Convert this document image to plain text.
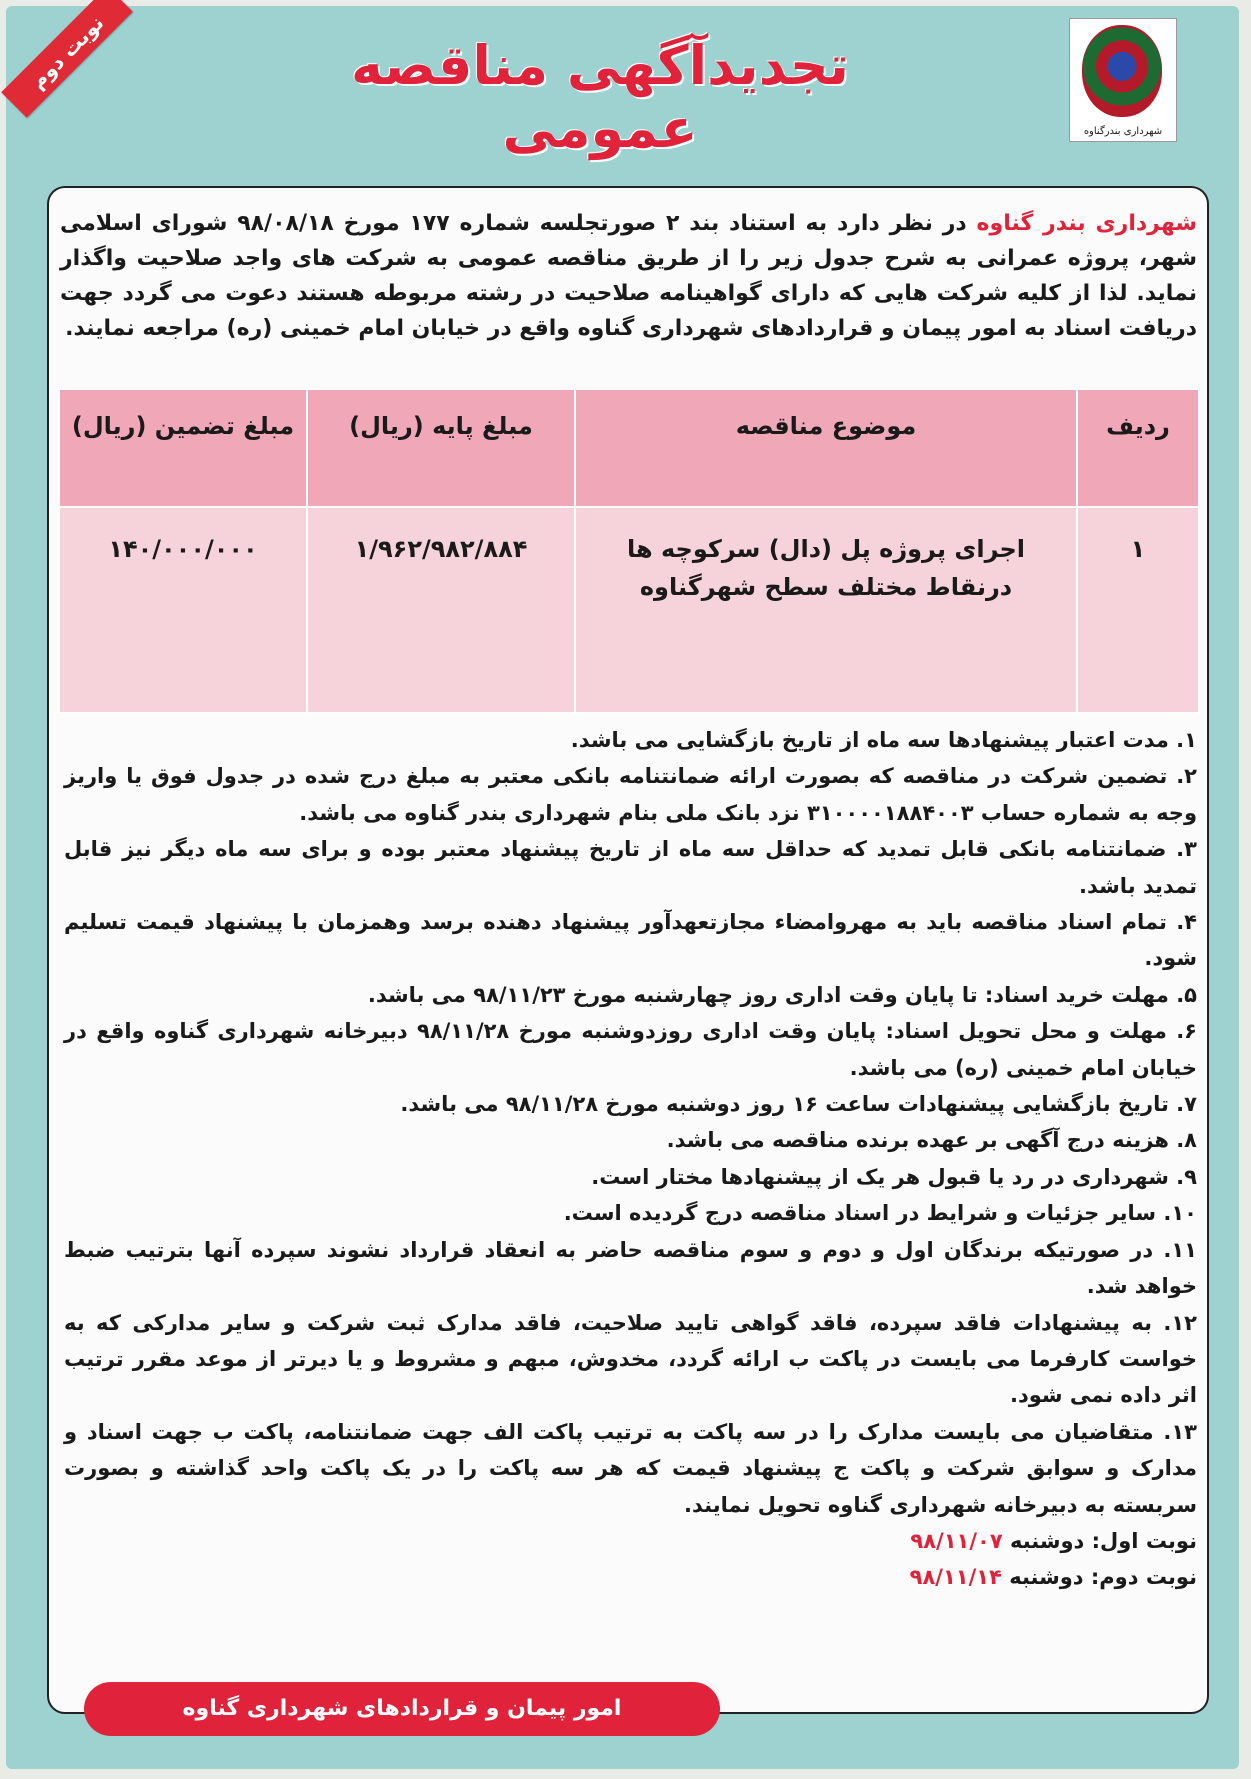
نوبت دوم	تجدیدآگهی مناقصه عمومی	شهرداری بندرگناوه

شهرداری بندر گناوه در نظر دارد به استناد بند ۲ صورتجلسه شماره ۱۷۷ مورخ ۹۸/۰۸/۱۸ شورای اسلامی شهر، پروژه عمرانی به شرح جدول زیر را از طریق مناقصه عمومی به شرکت های واجد صلاحیت واگذار نماید. لذا از کلیه شرکت هایی که دارای گواهینامه صلاحیت در رشته مربوطه هستند دعوت می گردد جهت دریافت اسناد به امور پیمان و قراردادهای شهرداری گناوه واقع در خیابان امام خمینی (ره) مراجعه نمایند.

ردیف	موضوع مناقصه	مبلغ پایه (ریال)	مبلغ تضمین (ریال)
۱	اجرای پروژه پل (دال) سرکوچه ها درنقاط مختلف سطح شهرگناوه	۱/۹۶۲/۹۸۲/۸۸۴	۱۴۰/۰۰۰/۰۰۰
۱. مدت اعتبار پیشنهادها سه ماه از تاریخ بازگشایی می باشد.
۲. تضمین شرکت در مناقصه که بصورت ارائه ضمانتنامه بانکی معتبر به مبلغ درج شده در جدول فوق یا واریز وجه به شماره حساب ۳۱۰۰۰۰۱۸۸۴۰۰۳ نزد بانک ملی بنام شهرداری بندر گناوه می باشد.
۳. ضمانتنامه بانکی قابل تمدید که حداقل سه ماه از تاریخ پیشنهاد معتبر بوده و برای سه ماه دیگر نیز قابل تمدید باشد.
۴. تمام اسناد مناقصه باید به مهروامضاء مجازتعهدآور پیشنهاد دهنده برسد وهمزمان با پیشنهاد قیمت تسلیم شود.
۵. مهلت خرید اسناد: تا پایان وقت اداری روز چهارشنبه مورخ ۹۸/۱۱/۲۳ می باشد.
۶. مهلت و محل تحویل اسناد: پایان وقت اداری روزدوشنبه مورخ ۹۸/۱۱/۲۸ دبیرخانه شهرداری گناوه واقع در خیابان امام خمینی (ره) می باشد.
۷. تاریخ بازگشایی پیشنهادات ساعت ۱۶ روز دوشنبه مورخ ۹۸/۱۱/۲۸ می باشد.
۸. هزینه درج آگهی بر عهده برنده مناقصه می باشد.
۹. شهرداری در رد یا قبول هر یک از پیشنهادها مختار است.
۱۰. سایر جزئیات و شرایط در اسناد مناقصه درج گردیده است.
۱۱. در صورتیکه برندگان اول و دوم و سوم مناقصه حاضر به انعقاد قرارداد نشوند سپرده آنها بترتیب ضبط خواهد شد.
۱۲. به پیشنهادات فاقد سپرده، فاقد گواهی تایید صلاحیت، فاقد مدارک ثبت شرکت و سایر مدارکی که به خواست کارفرما می بایست در پاکت ب ارائه گردد، مخدوش، مبهم و مشروط و یا دیرتر از موعد مقرر ترتیب اثر داده نمی شود.
۱۳. متقاضیان می بایست مدارک را در سه پاکت به ترتیب پاکت الف جهت ضمانتنامه، پاکت ب جهت اسناد و مدارک و سوابق شرکت و پاکت ج پیشنهاد قیمت که هر سه پاکت را در یک پاکت واحد گذاشته و بصورت سربسته به دبیرخانه شهرداری گناوه تحویل نمایند.
نوبت اول: دوشنبه ۹۸/۱۱/۰۷
نوبت دوم: دوشنبه ۹۸/۱۱/۱۴
امور پیمان و قراردادهای شهرداری گناوه
